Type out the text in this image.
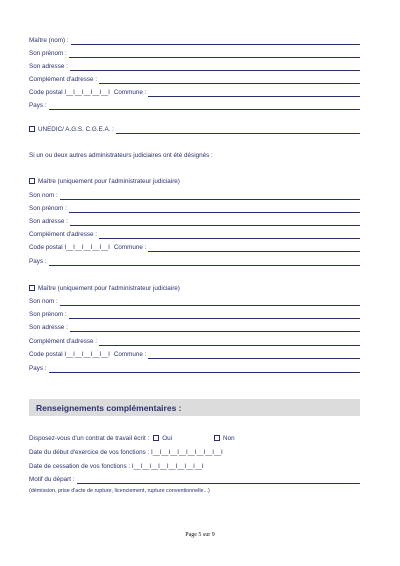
Maître (nom) :
Son prénom :
Son adresse :
Complément d'adresse :
Code postal I__I__I__I__I__I Commune :
Pays :
UNEDIC/ A.G.S. C.G.E.A. :
Si un ou deux autres administrateurs judiciaires ont été désignés :
Maître (uniquement pour l'administrateur judiciaire)
Son nom :
Son prénom :
Son adresse :
Complément d'adresse :
Code postal I__I__I__I__I__I Commune :
Pays :
Maître (uniquement pour l'administrateur judiciaire)
Son nom :
Son prénom :
Son adresse :
Complément d'adresse :
Code postal I__I__I__I__I__I Commune :
Pays :
Renseignements complémentaires :
Disposez-vous d'un contrat de travail écrit : Oui	Non
Date du début d'exercice de vos fonctions : I__I__I__I__I__I__I__I__I
Date de cessation de vos fonctions : I__I__I__I__I__I__I__I__I
Motif du départ :
(démission, prise d'acte de rupture, licenciement, rupture conventionnelle...)
Page 5 sur 9
